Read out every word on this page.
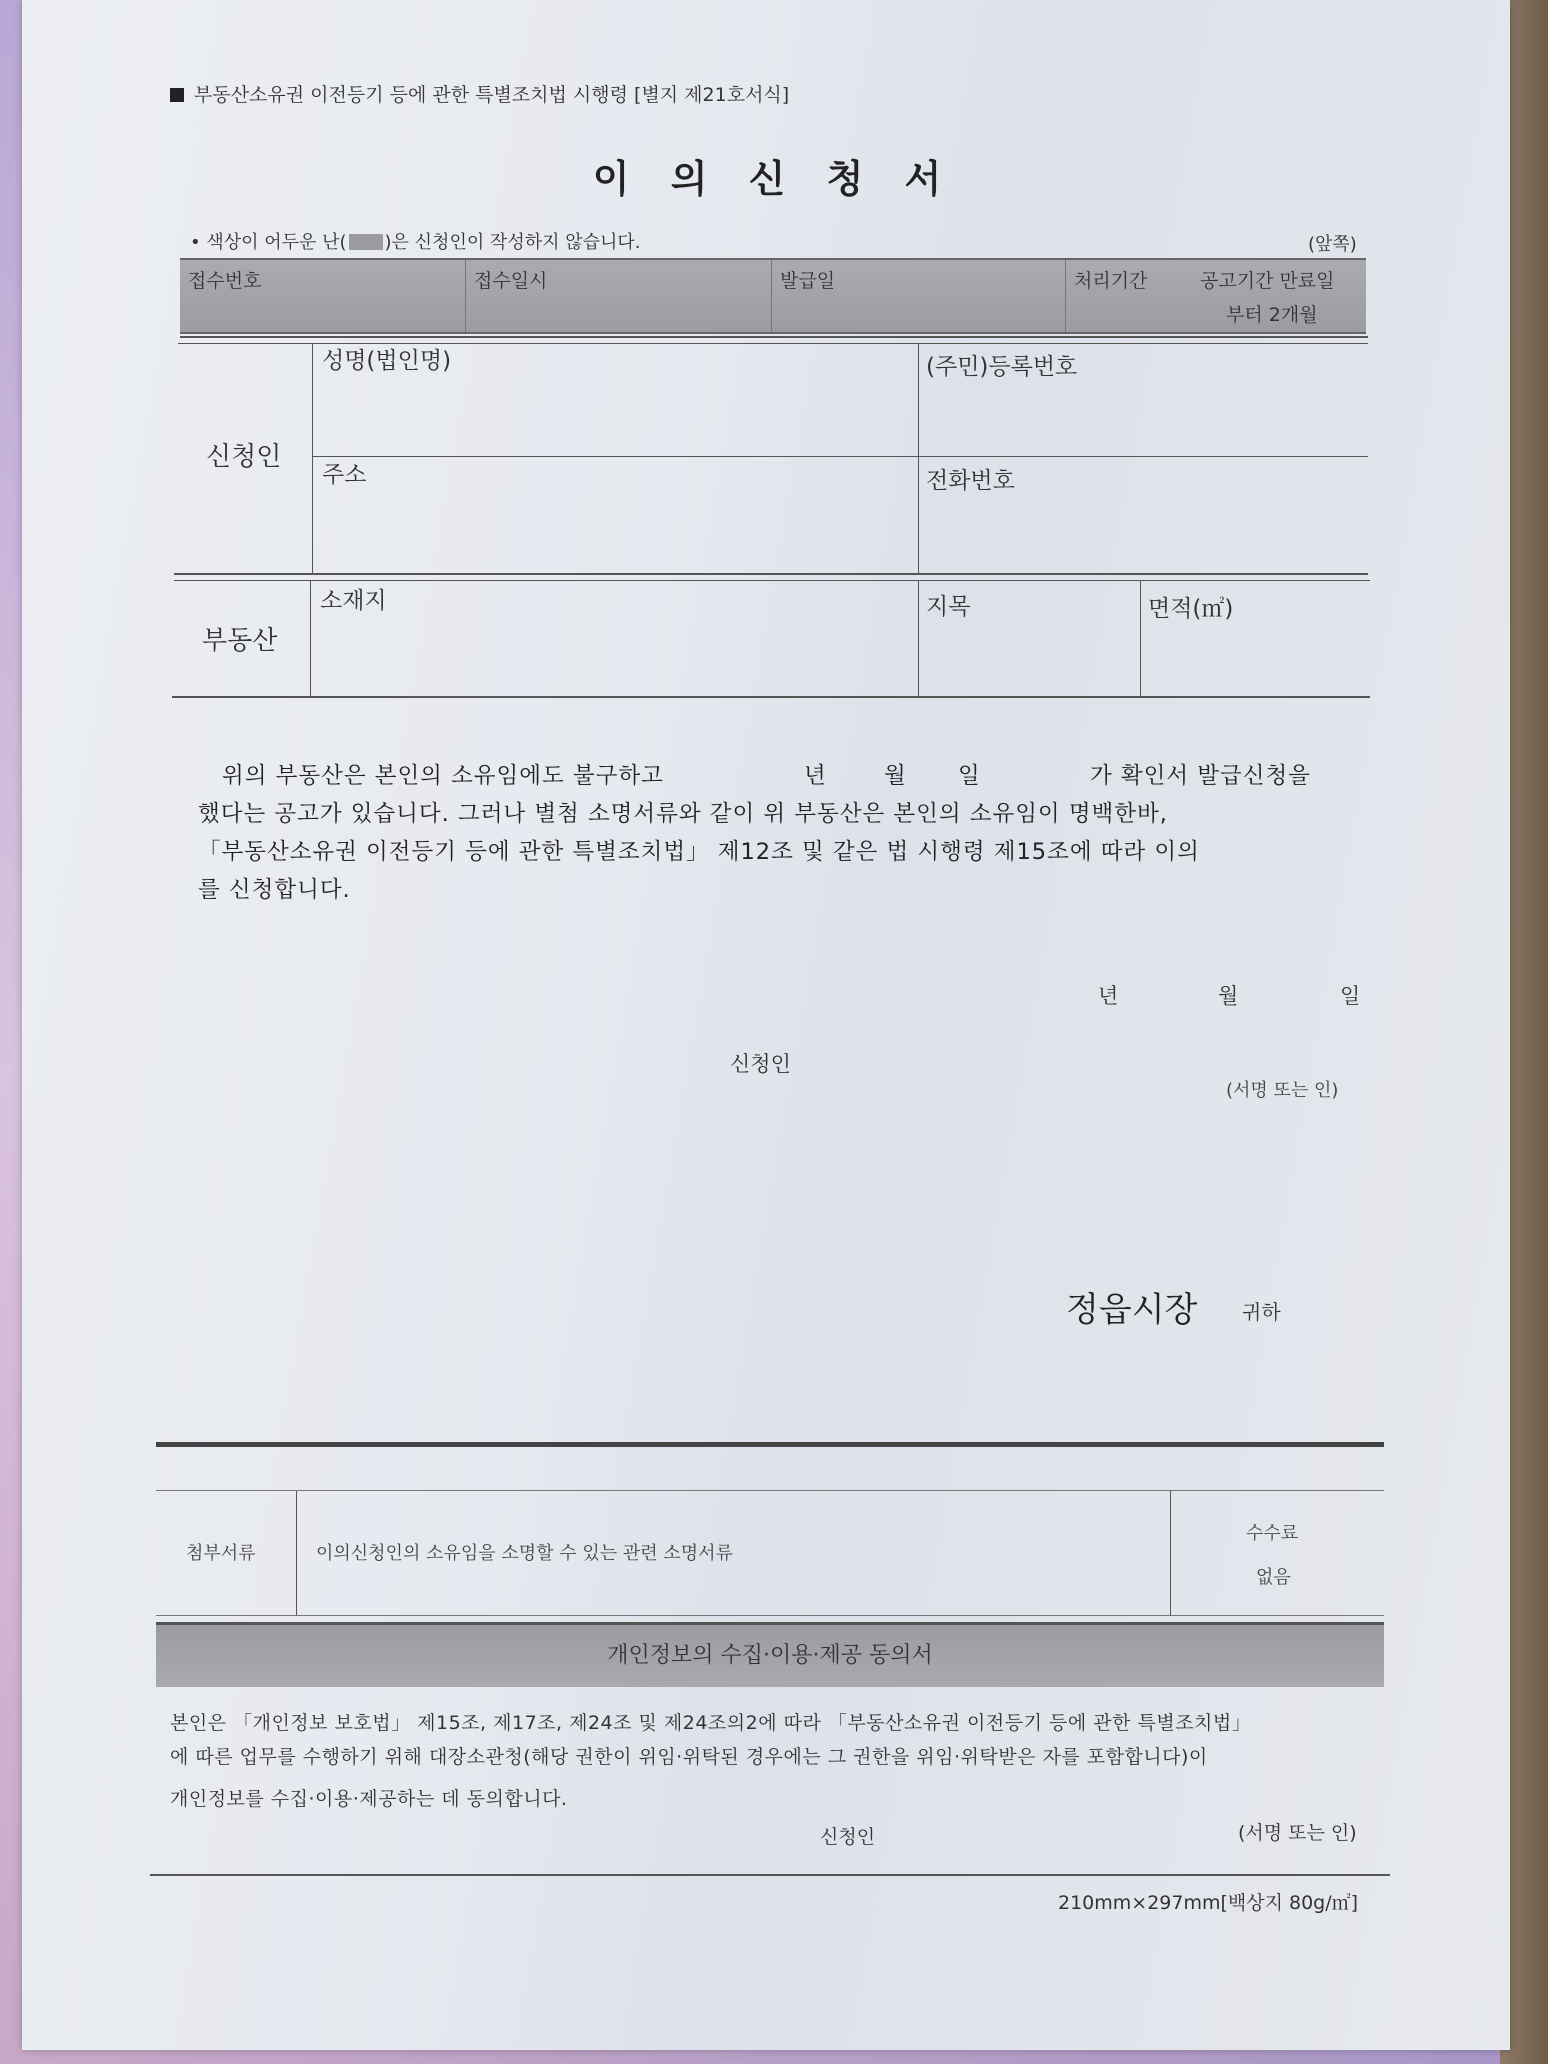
부동산소유권 이전등기 등에 관한 특별조치법 시행령 [별지 제21호서식]
이 의 신 청 서
• 색상이 어두운 난( )은 신청인이 작성하지 않습니다.	(앞쪽)
접수번호	접수일시	발급일	처리기간	공고기간 만료일
부터 2개월
신청인
성명(법인명)	(주민)등록번호
주소	전화번호
부동산
소재지	지목	면적(㎡)
위의 부동산은 본인의 소유임에도 불구하고	년	월 일	가 확인서 발급신청을
했다는 공고가 있습니다. 그러나 별첨 소명서류와 같이 위 부동산은 본인의 소유임이 명백한바,
「부동산소유권 이전등기 등에 관한 특별조치법」 제12조 및 같은 법 시행령 제15조에 따라 이의
를 신청합니다.
년	월	일
신청인
(서명 또는 인)
정읍시장 귀하
첨부서류	이의신청인의 소유임을 소명할 수 있는 관련 소명서류
수수료
없음
개인정보의 수집·이용·제공 동의서
본인은 「개인정보 보호법」 제15조, 제17조, 제24조 및 제24조의2에 따라 「부동산소유권 이전등기 등에 관한 특별조치법」
에 따른 업무를 수행하기 위해 대장소관청(해당 권한이 위임·위탁된 경우에는 그 권한을 위임·위탁받은 자를 포함합니다)이
개인정보를 수집·이용·제공하는 데 동의합니다.
신청인	(서명 또는 인)
210mm×297mm[백상지 80g/㎡]
